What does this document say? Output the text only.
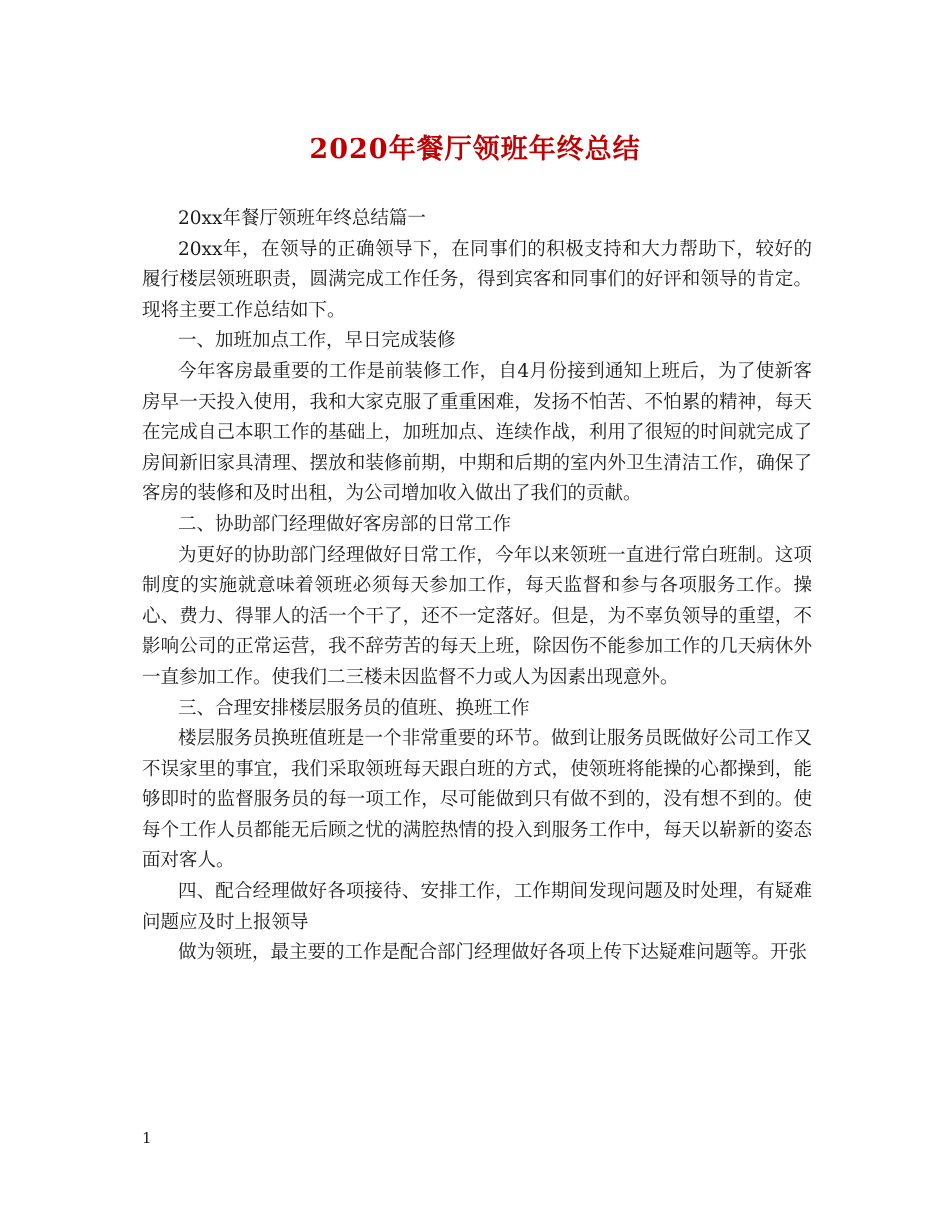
2020年餐厅领班年终总结

20xx年餐厅领班年终总结篇一

20xx年，在领导的正确领导下，在同事们的积极支持和大力帮助下，较好的履行楼层领班职责，圆满完成工作任务，得到宾客和同事们的好评和领导的肯定。现将主要工作总结如下。

一、加班加点工作，早日完成装修

今年客房最重要的工作是前装修工作，自4月份接到通知上班后，为了使新客房早一天投入使用，我和大家克服了重重困难，发扬不怕苦、不怕累的精神，每天在完成自己本职工作的基础上，加班加点、连续作战，利用了很短的时间就完成了房间新旧家具清理、摆放和装修前期，中期和后期的室内外卫生清洁工作，确保了客房的装修和及时出租，为公司增加收入做出了我们的贡献。

二、协助部门经理做好客房部的日常工作

为更好的协助部门经理做好日常工作，今年以来领班一直进行常白班制。这项制度的实施就意味着领班必须每天参加工作，每天监督和参与各项服务工作。操心、费力、得罪人的活一个干了，还不一定落好。但是，为不辜负领导的重望，不影响公司的正常运营，我不辞劳苦的每天上班，除因伤不能参加工作的几天病休外一直参加工作。使我们二三楼未因监督不力或人为因素出现意外。

三、合理安排楼层服务员的值班、换班工作

楼层服务员换班值班是一个非常重要的环节。做到让服务员既做好公司工作又不误家里的事宜，我们采取领班每天跟白班的方式，使领班将能操的心都操到，能够即时的监督服务员的每一项工作，尽可能做到只有做不到的，没有想不到的。使每个工作人员都能无后顾之忧的满腔热情的投入到服务工作中，每天以崭新的姿态面对客人。

四、配合经理做好各项接待、安排工作，工作期间发现问题及时处理，有疑难问题应及时上报领导

做为领班，最主要的工作是配合部门经理做好各项上传下达疑难问题等。开张

1
